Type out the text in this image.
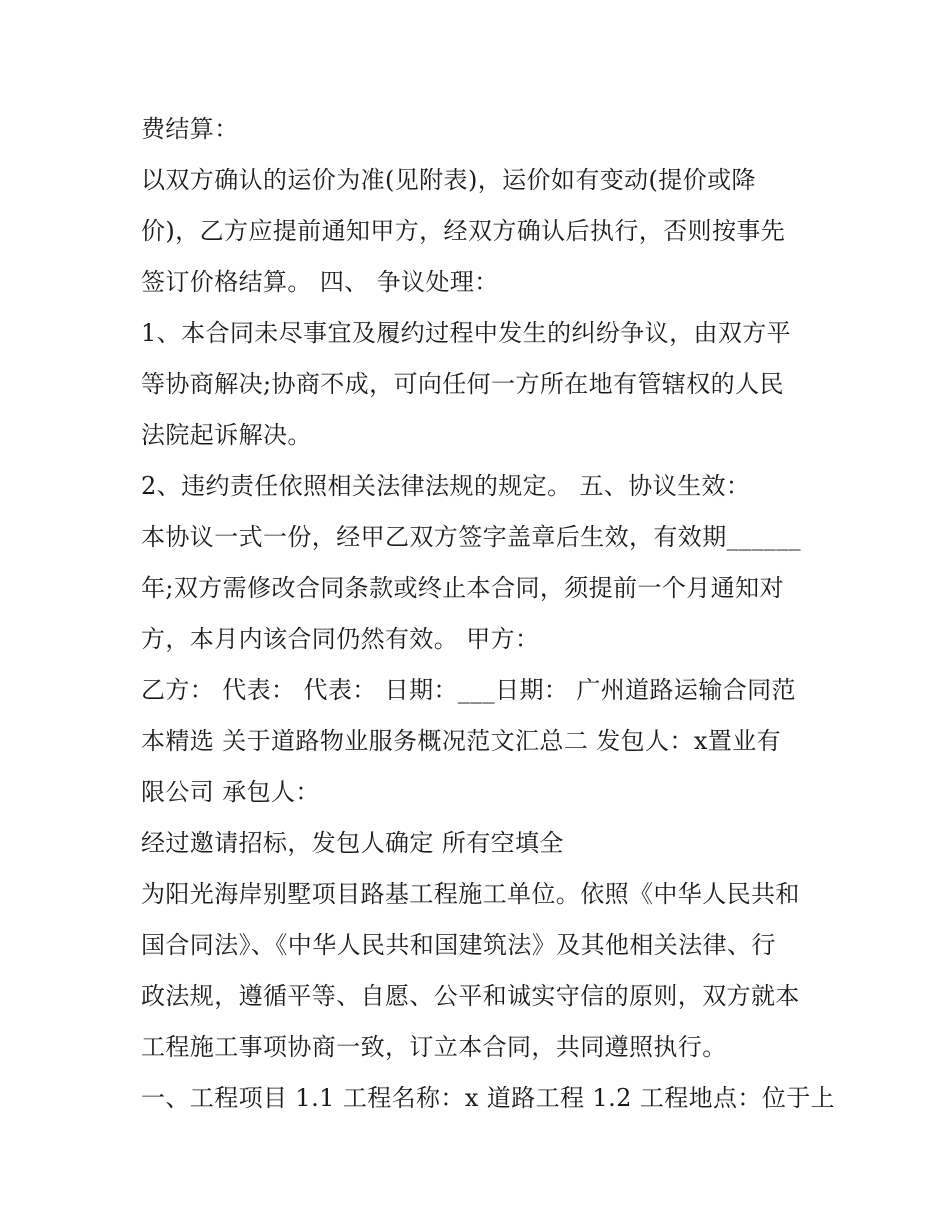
费结算：
以双方确认的运价为准(见附表)，运价如有变动(提价或降
价)，乙方应提前通知甲方，经双方确认后执行，否则按事先
签订价格结算。 四、 争议处理：
1、本合同未尽事宜及履约过程中发生的纠纷争议，由双方平
等协商解决;协商不成，可向任何一方所在地有管辖权的人民
法院起诉解决。
2、违约责任依照相关法律法规的规定。 五、协议生效：
本协议一式一份，经甲乙双方签字盖章后生效，有效期______
年;双方需修改合同条款或终止本合同，须提前一个月通知对
方，本月内该合同仍然有效。 甲方：
乙方： 代表： 代表： 日期：___日期： 广州道路运输合同范
本精选 关于道路物业服务概况范文汇总二 发包人：x置业有
限公司 承包人：
经过邀请招标，发包人确定 所有空填全
为阳光海岸别墅项目路基工程施工单位。依照《中华人民共和
国合同法》、《中华人民共和国建筑法》及其他相关法律、行
政法规，遵循平等、自愿、公平和诚实守信的原则，双方就本
工程施工事项协商一致，订立本合同，共同遵照执行。
一、工程项目 1.1 工程名称：x 道路工程 1.2 工程地点：位于上
